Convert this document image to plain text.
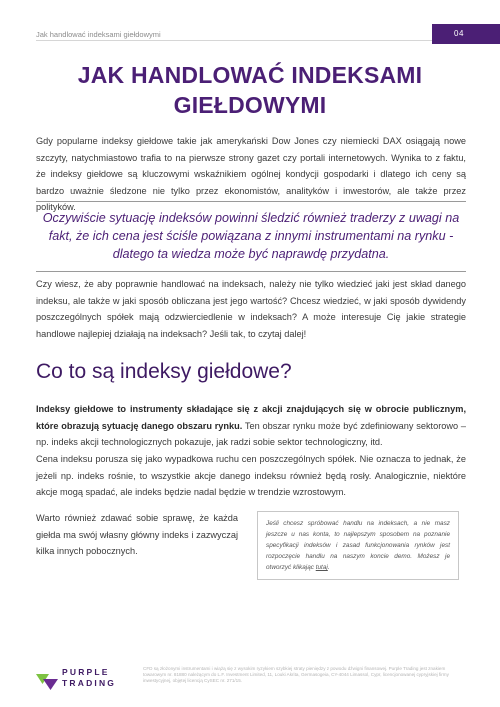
Jak handlować indeksami giełdowymi	04
JAK HANDLOWAĆ INDEKSAMI
GIEŁDOWYMI
Gdy popularne indeksy giełdowe takie jak amerykański Dow Jones czy niemiecki DAX osiągają nowe szczyty, natychmiastowo trafia to na pierwsze strony gazet czy portali internetowych. Wynika to z faktu, że indeksy giełdowe są kluczowymi wskaźnikiem ogólnej kondycji gospodarki i dlatego ich ceny są bardzo uważnie śledzone nie tylko przez ekonomistów, analityków i inwestorów, ale także przez polityków.
Oczywiście sytuację indeksów powinni śledzić również traderzy z uwagi na fakt, że ich cena jest ściśle powiązana z innymi instrumentami na rynku - dlatego ta wiedza może być naprawdę przydatna.
Czy wiesz, że aby poprawnie handlować na indeksach, należy nie tylko wiedzieć jaki jest skład danego indeksu, ale także w jaki sposób obliczana jest jego wartość? Chcesz wiedzieć, w jaki sposób dywidendy poszczególnych spółek mają odzwierciedlenie w indeksach? A może interesuje Cię jakie strategie handlowe najlepiej działają na indeksach? Jeśli tak, to czytaj dalej!
Co to są indeksy giełdowe?
Indeksy giełdowe to instrumenty składające się z akcji znajdujących się w obrocie publicznym, które obrazują sytuację danego obszaru rynku. Ten obszar rynku może być zdefiniowany sektorowo – np. indeks akcji technologicznych pokazuje, jak radzi sobie sektor technologiczny, itd.
Cena indeksu porusza się jako wypadkowa ruchu cen poszczególnych spółek. Nie oznacza to jednak, że jeżeli np. indeks rośnie, to wszystkie akcje danego indeksu również będą rosły. Analogicznie, niektóre akcje mogą spadać, ale indeks będzie nadal będzie w trendzie wzrostowym.
Warto również zdawać sobie sprawę, że każda giełda ma swój własny główny indeks i zazwyczaj kilka innych pobocznych.
Jeśli chcesz spróbować handlu na indeksach, a nie masz jeszcze u nas konta, to najlepszym sposobem na poznanie specyfikacji indeksów i zasad funkcjonowania rynków jest rozpoczęcie handlu na naszym koncie demo. Możesz je otworzyć klikając tutaj.
PURPLE
TRADING
CFD są złożonymi instrumentami i wiążą się z wysokim ryzykiem szybkiej straty pieniędzy z powodu dźwigni finansowej. Purple Trading jest znakiem towarowym nr. 81880 należącym do L.F. Investment Limited, 11, Louki Akrita, Germasogeia, CY-4044 Limassol, Cypr, licencjonowanej cypryjskiej firmy inwestycyjnej, objętej licencją CySEC nr. 271/15.
